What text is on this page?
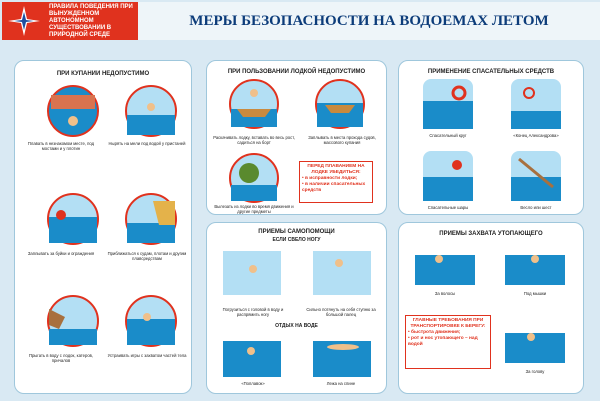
ПРАВИЛА ПОВЕДЕНИЯ ПРИ ВЫНУЖДЕННОМ АВТОНОМНОМ СУЩЕСТВОВАНИИ В ПРИРОДНОЙ СРЕДЕ
МЕРЫ БЕЗОПАСНОСТИ НА ВОДОЕМАХ ЛЕТОМ
ПРИ КУПАНИИ НЕДОПУСТИМО
Плавать в незнакомом месте, под мостами и у плотин
Нырять на мели под водой у пристаней
Заплывать за буйки и ограждения	Приближаться к судам, плотам и другим плавсредствам
Прыгать в воду с лодок, катеров, причалов
Устраивать игры с захватом частей тела
ПРИ ПОЛЬЗОВАНИИ ЛОДКОЙ НЕДОПУСТИМО
Раскачивать лодку, вставать во весь рост, садиться на борт
Заплывать в места прохода судов, массового купания
Вылезать из лодки во время движения и другие предметы
ПЕРЕД ПЛАВАНИЕМ НА ЛОДКЕ УБЕДИТЬСЯ:
• в исправности лодки;
• в наличии спасательных средств
ПРИМЕНЕНИЕ СПАСАТЕЛЬНЫХ СРЕДСТВ
Спасательный круг	«Конец Александрова»
Спасательные шары	Весло или шест
ПРИЕМЫ САМОПОМОЩИ
ЕСЛИ СВЕЛО НОГУ
Погрузиться с головой в воду и распрямить ногу
Сильно потянуть на себя ступню за большой палец
ОТДЫХ НА ВОДЕ
«Поплавок»	Лежа на спине
ПРИЕМЫ ЗАХВАТА УТОПАЮЩЕГО
За волосы	Под мышки
ГЛАВНЫЕ ТРЕБОВАНИЯ ПРИ ТРАНСПОРТИРОВКЕ К БЕРЕГУ:
• быстрота движения;
• рот и нос утопающего – над водой
За голову
